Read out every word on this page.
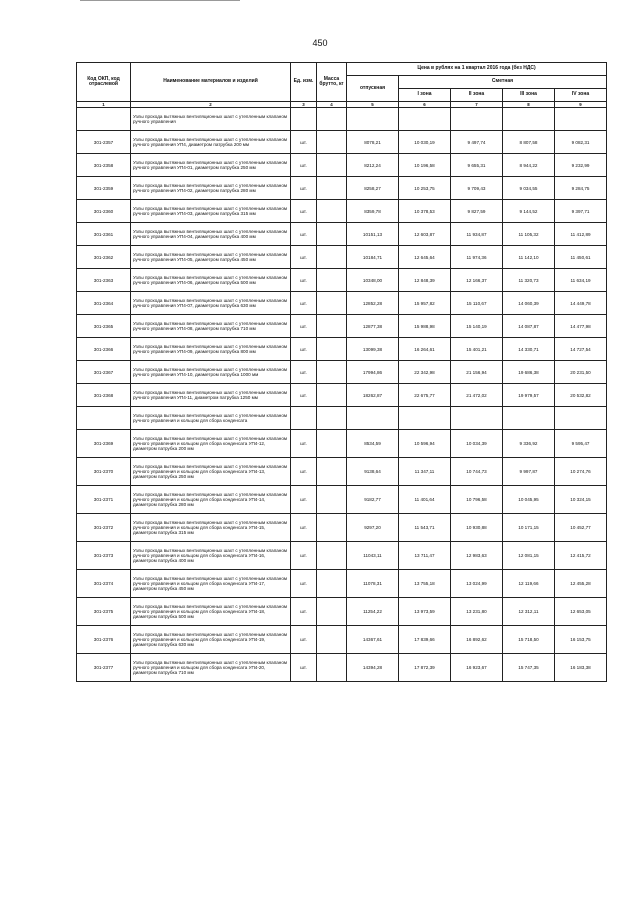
450
Код ОКП, код отраслевой	Наименование материалов и изделий	Ед. изм.	Масса брутто, кг	Цена в рублях на 1 квартал 2016 года (без НДС)				
				отпускная	Сметная			
					I зона	II зона	III зона	IV зона
1	2	3	4	5	6	7	8	9
	Узлы прохода вытяжных вентиляционных шахт с утепленным клапаном ручного управления							
301-2357	Узлы прохода вытяжных вентиляционных шахт с утепленным клапаном ручного управления УП4, диаметром патрубка 200 мм	шт.		8078,21	10 030,19	9 497,74	8 807,58	9 082,31
301-2358	Узлы прохода вытяжных вентиляционных шахт с утепленным клапаном ручного управления УП4-01, диаметром патрубка 250 мм	шт.		8212,24	10 196,58	9 655,31	8 944,22	9 232,99
301-2359	Узлы прохода вытяжных вентиляционных шахт с утепленным клапаном ручного управления УП4-02, диаметром патрубка 280 мм	шт.		8258,27	10 253,75	9 709,43	9 034,55	9 284,75
301-2360	Узлы прохода вытяжных вентиляционных шахт с утепленным клапаном ручного управления УП4-03, диаметром патрубка 315 мм	шт.		8359,78	10 378,53	9 827,59	9 144,52	9 397,71
301-2361	Узлы прохода вытяжных вентиляционных шахт с утепленным клапаном ручного управления УП4-04, диаметром патрубка 400 мм	шт.		10151,13	12 603,87	11 934,87	11 105,32	11 412,89
301-2362	Узлы прохода вытяжных вентиляционных шахт с утепленным клапаном ручного управления УП4-05, диаметром патрубка 450 мм	шт.		10184,71	12 645,64	11 974,36	11 142,10	11 450,61
301-2363	Узлы прохода вытяжных вентиляционных шахт с утепленным клапаном ручного управления УП4-06, диаметром патрубка 500 мм	шт.		10348,00	12 848,39	12 166,37	11 320,73	11 634,19
301-2364	Узлы прохода вытяжных вентиляционных шахт с утепленным клапаном ручного управления УП4-07, диаметром патрубка 630 мм	шт.		12852,28	15 957,82	15 110,67	14 060,39	14 449,78
301-2365	Узлы прохода вытяжных вентиляционных шахт с утепленным клапаном ручного управления УП4-08, диаметром патрубка 710 мм	шт.		12877,38	15 988,98	15 140,19	14 087,87	14 477,98
301-2366	Узлы прохода вытяжных вентиляционных шахт с утепленным клапаном ручного управления УП4-09, диаметром патрубка 800 мм	шт.		13099,38	16 264,61	15 401,21	14 330,71	14 727,54
301-2367	Узлы прохода вытяжных вентиляционных шахт с утепленным клапаном ручного управления УП4-10, диаметром патрубка 1000 мм	шт.		17994,86	22 342,98	21 156,94	19 686,38	20 231,50
301-2368	Узлы прохода вытяжных вентиляционных шахт с утепленным клапаном ручного управления УП4-11, диаметром патрубка 1250 мм	шт.		18262,87	22 675,77	21 472,02	19 979,57	20 532,82
	Узлы прохода вытяжных вентиляционных шахт с утепленным клапаном ручного управления и кольцом для сбора конденсата							
301-2369	Узлы прохода вытяжных вентиляционных шахт с утепленным клапаном ручного управления и кольцом для сбора конденсата УП4-12, диаметром патрубка 200 мм	шт.		8534,59	10 596,94	10 034,39	9 336,92	9 595,47
301-2370	Узлы прохода вытяжных вентиляционных шахт с утепленным клапаном ручного управления и кольцом для сбора конденсата УП4-13, диаметром патрубка 250 мм	шт.		9138,64	11 347,11	10 744,73	9 997,87	10 274,76
301-2371	Узлы прохода вытяжных вентиляционных шахт с утепленным клапаном ручного управления и кольцом для сбора конденсата УП4-14, диаметром патрубка 280 мм	шт.		9182,77	11 401,64	10 796,58	10 045,95	10 324,15
301-2372	Узлы прохода вытяжных вентиляционных шахт с утепленным клапаном ручного управления и кольцом для сбора конденсата УП4-15, диаметром патрубка 315 мм	шт.		9297,20	11 543,71	10 930,88	10 171,15	10 452,77
301-2373	Узлы прохода вытяжных вентиляционных шахт с утепленным клапаном ручного управления и кольцом для сбора конденсата УП4-16, диаметром патрубка 400 мм	шт.		11043,11	13 711,47	12 983,63	12 081,15	12 415,72
301-2374	Узлы прохода вытяжных вентиляционных шахт с утепленным клапаном ручного управления и кольцом для сбора конденсата УП4-17, диаметром патрубка 450 мм	шт.		11078,31	13 755,18	13 024,99	12 119,66	12 455,28
301-2375	Узлы прохода вытяжных вентиляционных шахт с утепленным клапаном ручного управления и кольцом для сбора конденсата УП4-18, диаметром патрубка 500 мм	шт.		11254,22	13 973,59	13 231,80	12 312,11	12 653,05
301-2376	Узлы прохода вытяжных вентиляционных шахт с утепленным клапаном ручного управления и кольцом для сбора конденсата УП4-19, диаметром патрубка 630 мм	шт.		14367,61	17 839,66	16 892,62	15 718,50	16 153,75
301-2377	Узлы прохода вытяжных вентиляционных шахт с утепленным клапаном ручного управления и кольцом для сбора конденсата УП4-20, диаметром патрубка 710 мм	шт.		14394,28	17 872,39	16 923,67	15 747,35	16 183,38
